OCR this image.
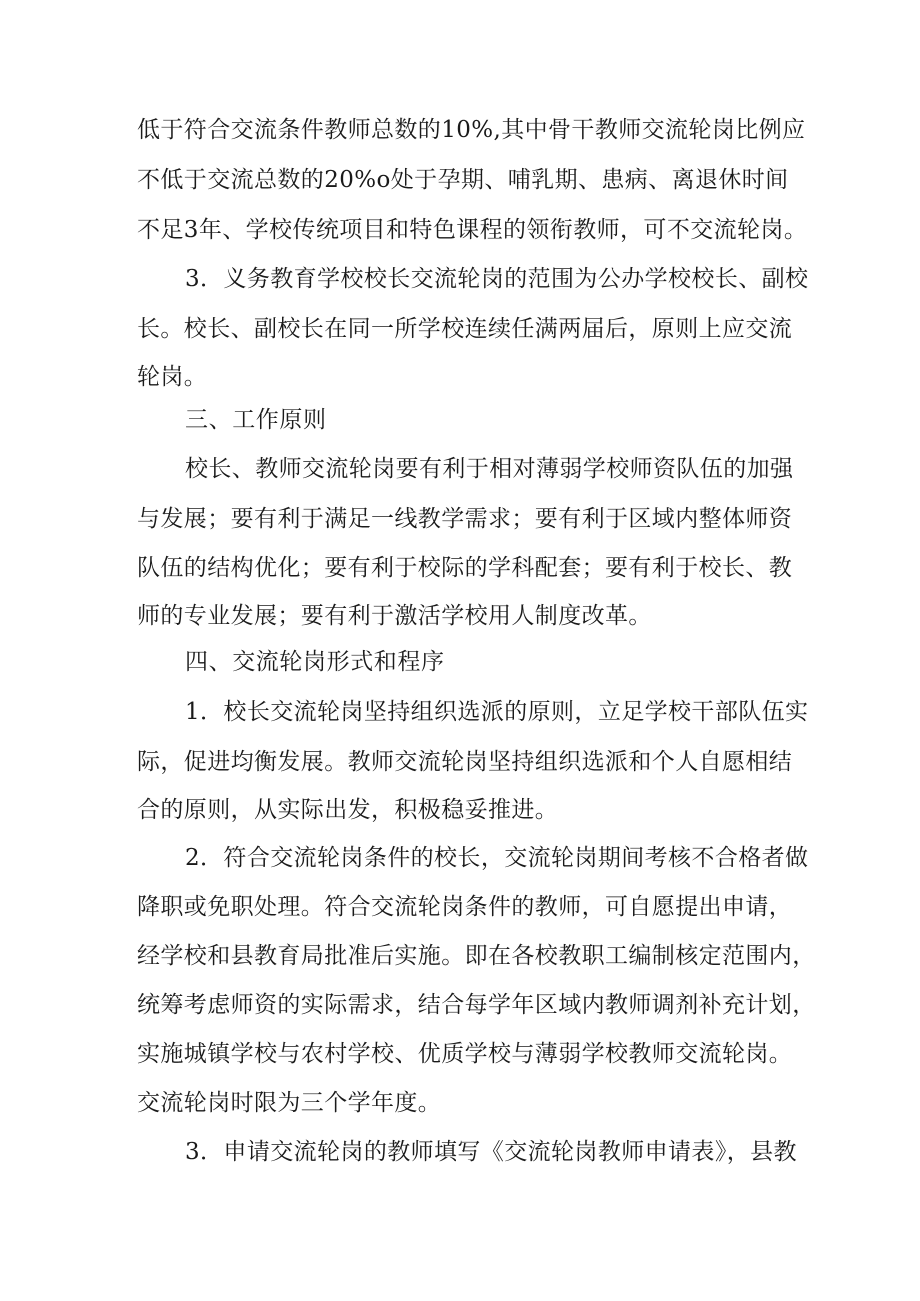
低于符合交流条件教师总数的10%,其中骨干教师交流轮岗比例应
不低于交流总数的20%o处于孕期、哺乳期、患病、离退休时间
不足3年、学校传统项目和特色课程的领衔教师，可不交流轮岗。
3．义务教育学校校长交流轮岗的范围为公办学校校长、副校
长。校长、副校长在同一所学校连续任满两届后，原则上应交流
轮岗。
三、工作原则
校长、教师交流轮岗要有利于相对薄弱学校师资队伍的加强
与发展；要有利于满足一线教学需求；要有利于区域内整体师资
队伍的结构优化；要有利于校际的学科配套；要有利于校长、教
师的专业发展；要有利于激活学校用人制度改革。
四、交流轮岗形式和程序
1．校长交流轮岗坚持组织选派的原则，立足学校干部队伍实
际，促进均衡发展。教师交流轮岗坚持组织选派和个人自愿相结
合的原则，从实际出发，积极稳妥推进。
2．符合交流轮岗条件的校长，交流轮岗期间考核不合格者做
降职或免职处理。符合交流轮岗条件的教师，可自愿提出申请，
经学校和县教育局批准后实施。即在各校教职工编制核定范围内，
统筹考虑师资的实际需求，结合每学年区域内教师调剂补充计划，
实施城镇学校与农村学校、优质学校与薄弱学校教师交流轮岗。
交流轮岗时限为三个学年度。
3．申请交流轮岗的教师填写《交流轮岗教师申请表》，县教
